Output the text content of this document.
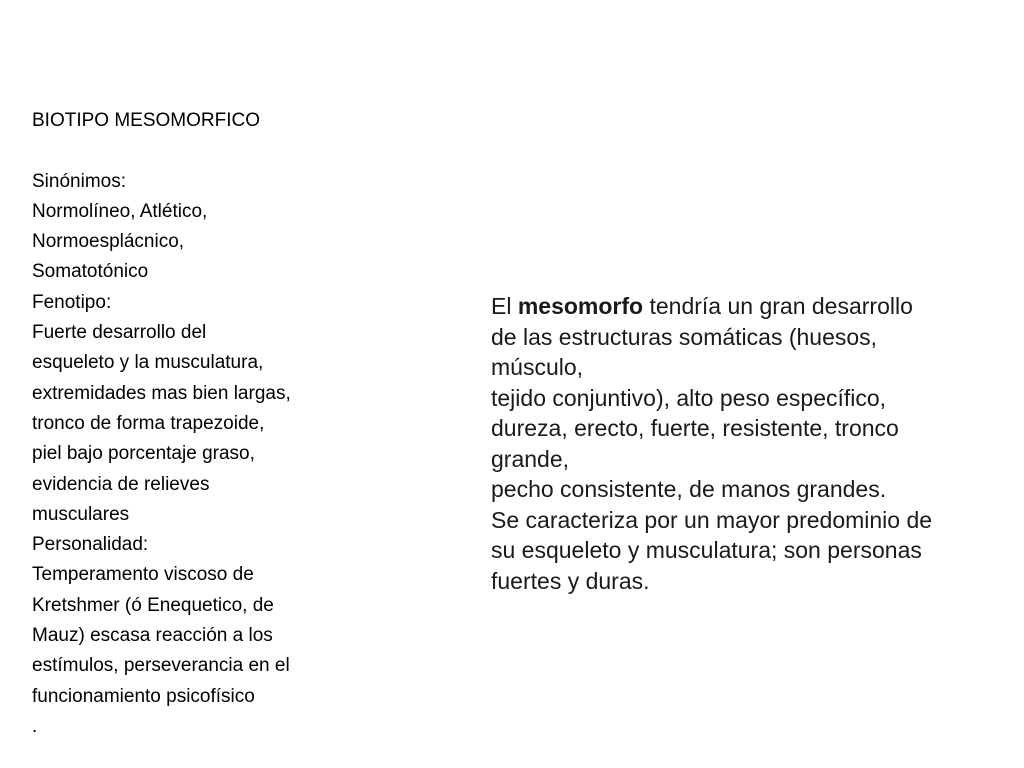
BIOTIPO MESOMORFICO
Sinónimos:
Normolíneo, Atlético,
Normoesplácnico,
Somatotónico
Fenotipo:
Fuerte desarrollo del
esqueleto y la musculatura,
extremidades mas bien largas,
tronco de forma trapezoide,
piel bajo porcentaje graso,
evidencia de relieves
musculares
Personalidad:
Temperamento viscoso de
Kretshmer (ó Enequetico, de
Mauz) escasa reacción a los
estímulos, perseverancia en el
funcionamiento psicofísico
.
El mesomorfo tendría un gran desarrollo
de las estructuras somáticas (huesos,
músculo,
tejido conjuntivo), alto peso específico,
dureza, erecto, fuerte, resistente, tronco
grande,
pecho consistente, de manos grandes.
Se caracteriza por un mayor predominio de
su esqueleto y musculatura; son personas
fuertes y duras.
